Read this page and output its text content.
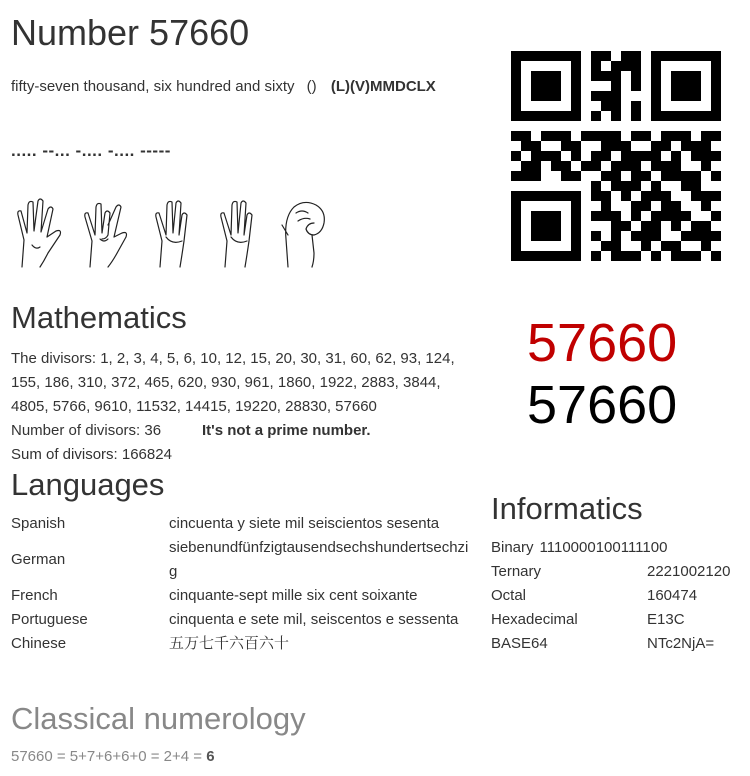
Number 57660
fifty-seven thousand, six hundred and sixty () (L)(V)MMDCLX
..... --... -.... -.... -----
Mathematics
The divisors: 1, 2, 3, 4, 5, 6, 10, 12, 15, 20, 30, 31, 60, 62, 93, 124, 155, 186, 310, 372, 465, 620, 930, 961, 1860, 1922, 2883, 3844, 4805, 5766, 9610, 11532, 14415, 19220, 28830, 57660
Number of divisors: 36	It's not a prime number.
Sum of divisors: 166824
57660
57660
Languages
Spanish	cincuenta y siete mil seiscientos sesenta
German	siebenundfünfzigtausendsechshundertsechzig
French	cinquante-sept mille six cent soixante
Portuguese	cinquenta e sete mil, seiscentos e sessenta
Chinese	五万七千六百六十
Informatics
Binary 1110000100111100
Ternary	2221002120
Octal	160474
Hexadecimal	E13C
BASE64	NTc2NjA=
Classical numerology
57660 = 5+7+6+6+0 = 2+4 = 6
